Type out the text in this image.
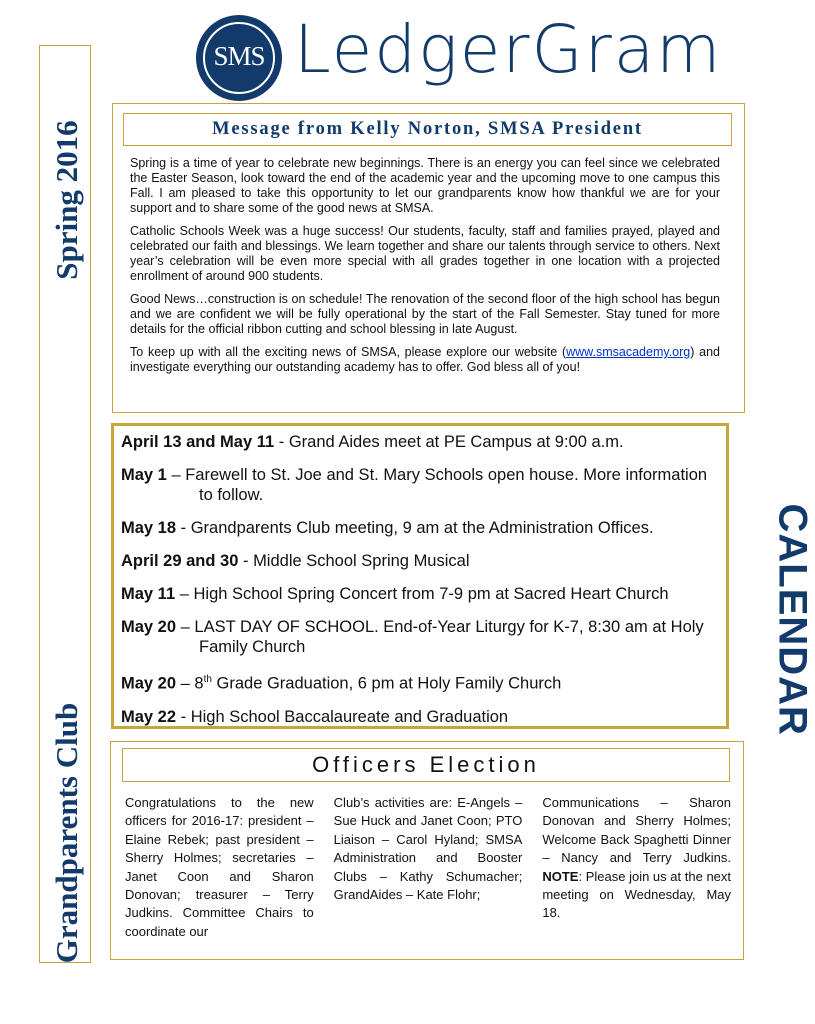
SMS LedgerGram
Spring 2016
Grandparents Club
Message from Kelly Norton, SMSA President

Spring is a time of year to celebrate new beginnings. There is an energy you can feel since we celebrated the Easter Season, look toward the end of the academic year and the upcoming move to one campus this Fall. I am pleased to take this opportunity to let our grandparents know how thankful we are for your support and to share some of the good news at SMSA.

Catholic Schools Week was a huge success! Our students, faculty, staff and families prayed, played and celebrated our faith and blessings. We learn together and share our talents through service to others. Next year’s celebration will be even more special with all grades together in one location with a projected enrollment of around 900 students.

Good News…construction is on schedule! The renovation of the second floor of the high school has begun and we are confident we will be fully operational by the start of the Fall Semester. Stay tuned for more details for the official ribbon cutting and school blessing in late August.

To keep up with all the exciting news of SMSA, please explore our website (www.smsacademy.org) and investigate everything our outstanding academy has to offer. God bless all of you!

April 13 and May 11 - Grand Aides meet at PE Campus at 9:00 a.m.
May 1 – Farewell to St. Joe and St. Mary Schools open house. More information to follow.
May 18 - Grandparents Club meeting, 9 am at the Administration Offices.
April 29 and 30 - Middle School Spring Musical
May 11 – High School Spring Concert from 7-9 pm at Sacred Heart Church
May 20 – LAST DAY OF SCHOOL. End-of-Year Liturgy for K-7, 8:30 am at Holy Family Church
May 20 – 8th Grade Graduation, 6 pm at Holy Family Church
May 22 - High School Baccalaureate and Graduation	CALENDAR
Officers Election
Congratulations to the new officers for 2016-17: president – Elaine Rebek; past president – Sherry Holmes; secretaries – Janet Coon and Sharon Donovan; treasurer – Terry Judkins. Committee Chairs to coordinate our
Club’s activities are: E-Angels – Sue Huck and Janet Coon; PTO Liaison – Carol Hyland; SMSA Administration and Booster Clubs – Kathy Schumacher; GrandAides – Kate Flohr;
Communications – Sharon Donovan and Sherry Holmes; Welcome Back Spaghetti Dinner – Nancy and Terry Judkins. NOTE: Please join us at the next meeting on Wednesday, May 18.
